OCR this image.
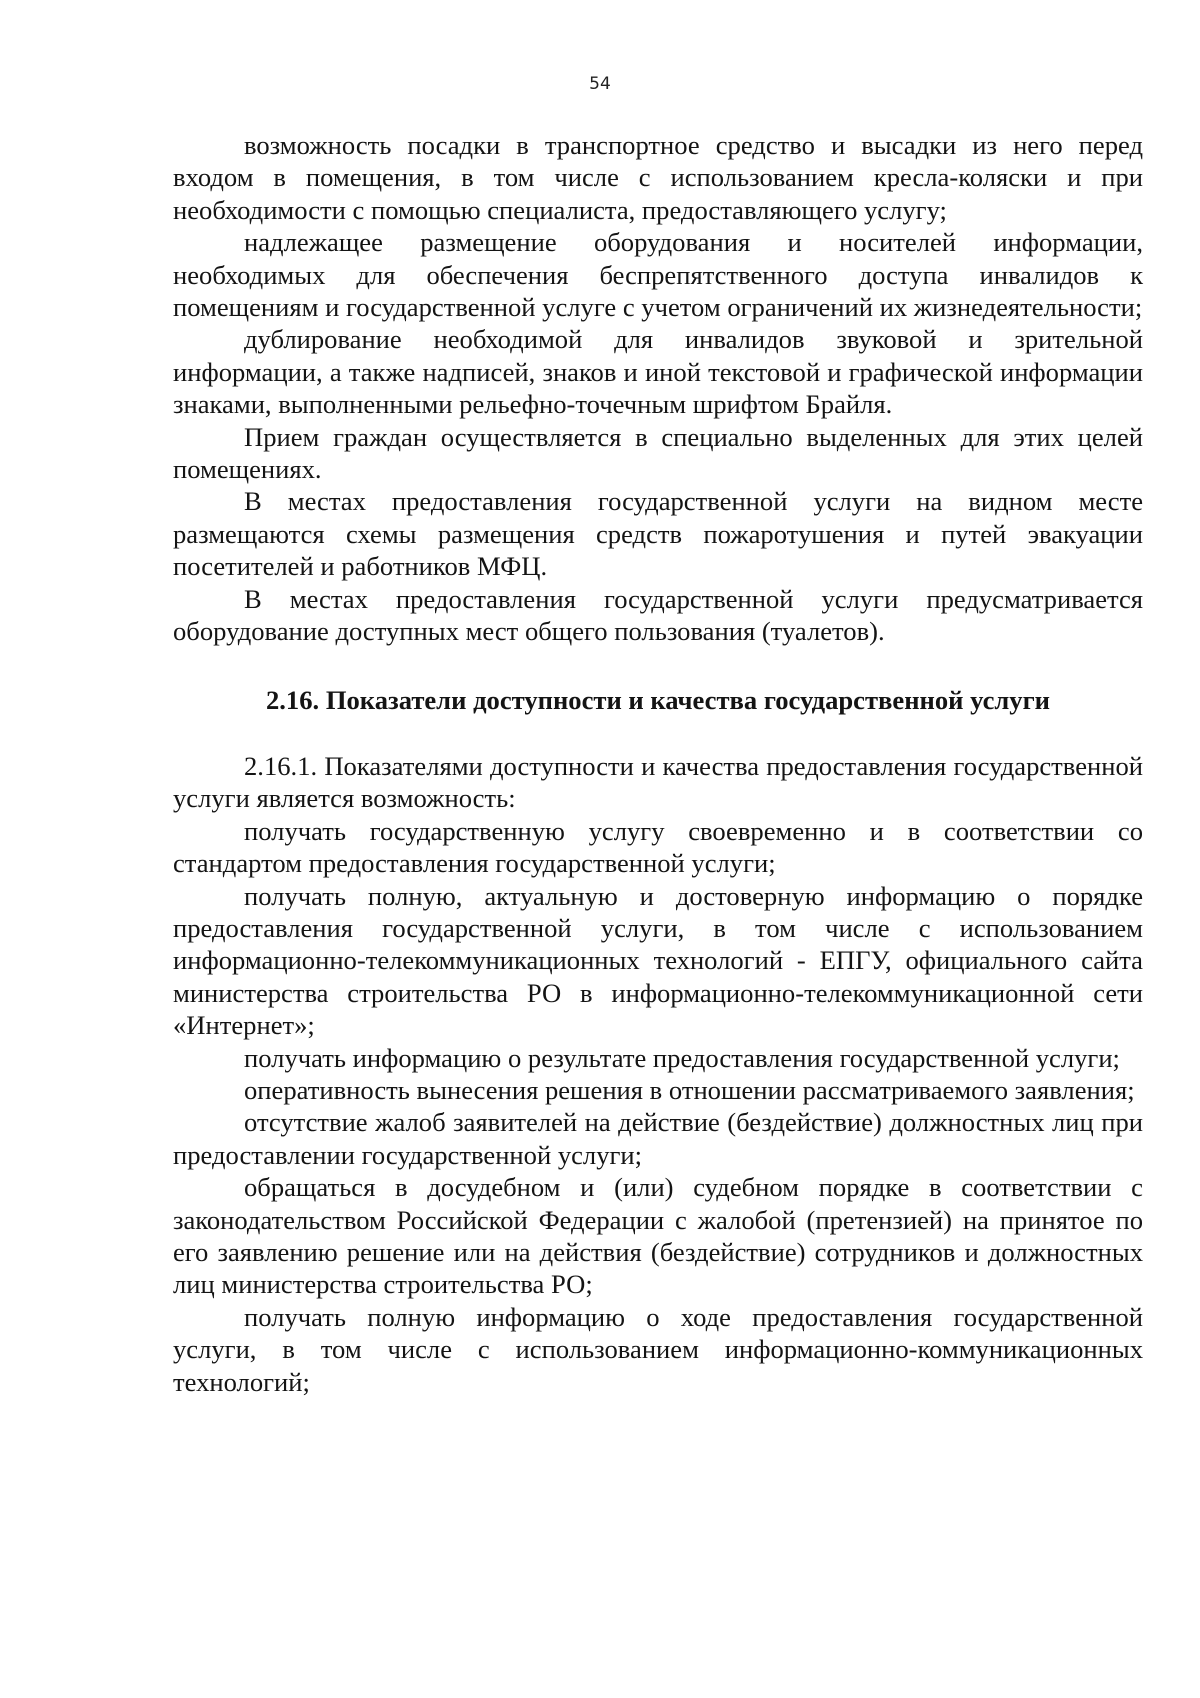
54

возможность посадки в транспортное средство и высадки из него перед входом в помещения, в том числе с использованием кресла-коляски и при необходимости с помощью специалиста, предоставляющего услугу;

надлежащее размещение оборудования и носителей информации, необходимых для обеспечения беспрепятственного доступа инвалидов к помещениям и государственной услуге с учетом ограничений их жизнедеятельности;

дублирование необходимой для инвалидов звуковой и зрительной информации, а также надписей, знаков и иной текстовой и графической информации знаками, выполненными рельефно-точечным шрифтом Брайля.

Прием граждан осуществляется в специально выделенных для этих целей помещениях.

В местах предоставления государственной услуги на видном месте размещаются схемы размещения средств пожаротушения и путей эвакуации посетителей и работников МФЦ.

В местах предоставления государственной услуги предусматривается оборудование доступных мест общего пользования (туалетов).

2.16. Показатели доступности и качества государственной услуги

2.16.1. Показателями доступности и качества предоставления государственной услуги является возможность:

получать государственную услугу своевременно и в соответствии со стандартом предоставления государственной услуги;

получать полную, актуальную и достоверную информацию о порядке предоставления государственной услуги, в том числе с использованием информационно-телекоммуникационных технологий - ЕПГУ, официального сайта министерства строительства РО в информационно-телекоммуникационной сети «Интернет»;

получать информацию о результате предоставления государственной услуги;

оперативность вынесения решения в отношении рассматриваемого заявления;

отсутствие жалоб заявителей на действие (бездействие) должностных лиц при предоставлении государственной услуги;

обращаться в досудебном и (или) судебном порядке в соответствии с законодательством Российской Федерации с жалобой (претензией) на принятое по его заявлению решение или на действия (бездействие) сотрудников и должностных лиц министерства строительства РО;

получать полную информацию о ходе предоставления государственной услуги, в том числе с использованием информационно-коммуникационных технологий;
